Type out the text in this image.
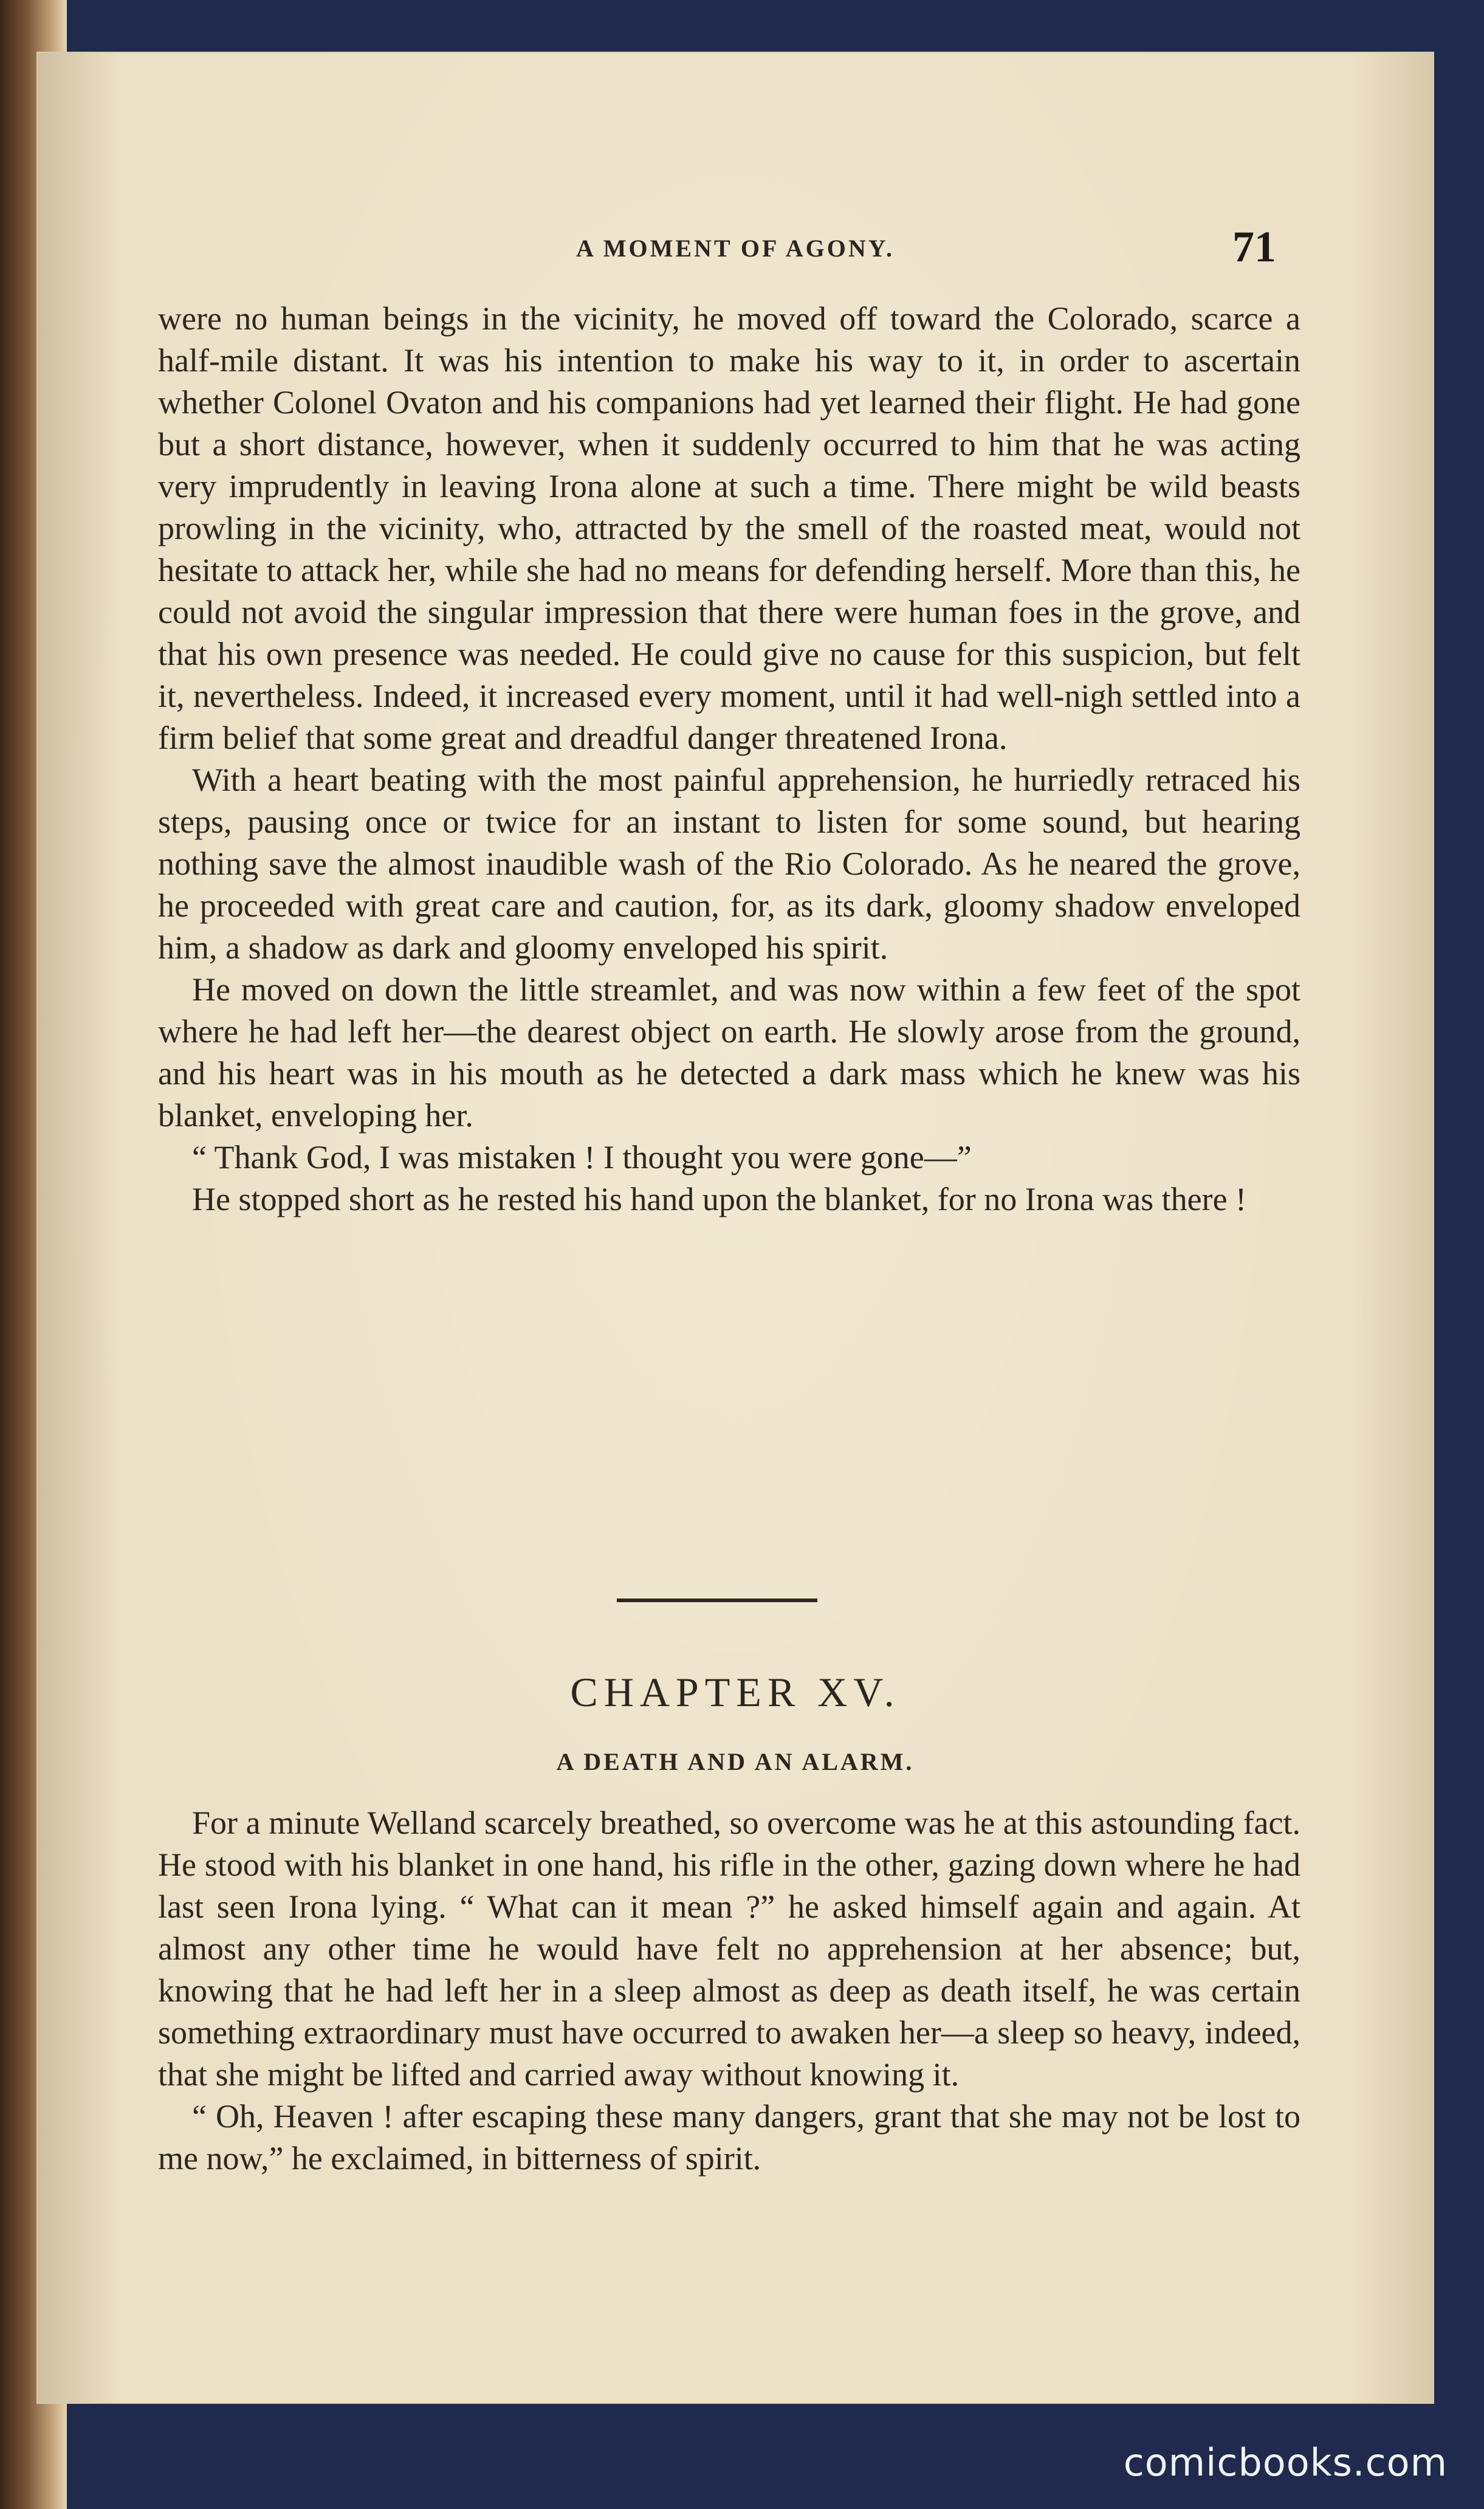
A MOMENT OF AGONY.	71

were no human beings in the vicinity, he moved off toward the Colorado, scarce a half-mile distant. It was his intention to make his way to it, in order to ascertain whether Colonel Ovaton and his companions had yet learned their flight. He had gone but a short distance, however, when it suddenly occurred to him that he was acting very imprudently in leaving Irona alone at such a time. There might be wild beasts prowling in the vicinity, who, attracted by the smell of the roasted meat, would not hesitate to attack her, while she had no means for defending herself. More than this, he could not avoid the singular impression that there were human foes in the grove, and that his own presence was needed. He could give no cause for this suspicion, but felt it, nevertheless. Indeed, it increased every moment, until it had well-nigh settled into a firm belief that some great and dreadful danger threatened Irona.

With a heart beating with the most painful apprehension, he hurriedly retraced his steps, pausing once or twice for an instant to listen for some sound, but hearing nothing save the almost inaudible wash of the Rio Colorado. As he neared the grove, he proceeded with great care and caution, for, as its dark, gloomy shadow enveloped him, a shadow as dark and gloomy enveloped his spirit.

He moved on down the little streamlet, and was now within a few feet of the spot where he had left her—the dearest object on earth. He slowly arose from the ground, and his heart was in his mouth as he detected a dark mass which he knew was his blanket, enveloping her.

“ Thank God, I was mistaken ! I thought you were gone—”

He stopped short as he rested his hand upon the blanket, for no Irona was there !

CHAPTER XV.
A DEATH AND AN ALARM.

For a minute Welland scarcely breathed, so overcome was he at this astounding fact. He stood with his blanket in one hand, his rifle in the other, gazing down where he had last seen Irona lying. “ What can it mean ?” he asked himself again and again. At almost any other time he would have felt no apprehension at her absence; but, knowing that he had left her in a sleep almost as deep as death itself, he was certain something extraordinary must have occurred to awaken her—a sleep so heavy, indeed, that she might be lifted and carried away without knowing it.

“ Oh, Heaven ! after escaping these many dangers, grant that she may not be lost to me now,” he exclaimed, in bitterness of spirit.

comicbooks.com
